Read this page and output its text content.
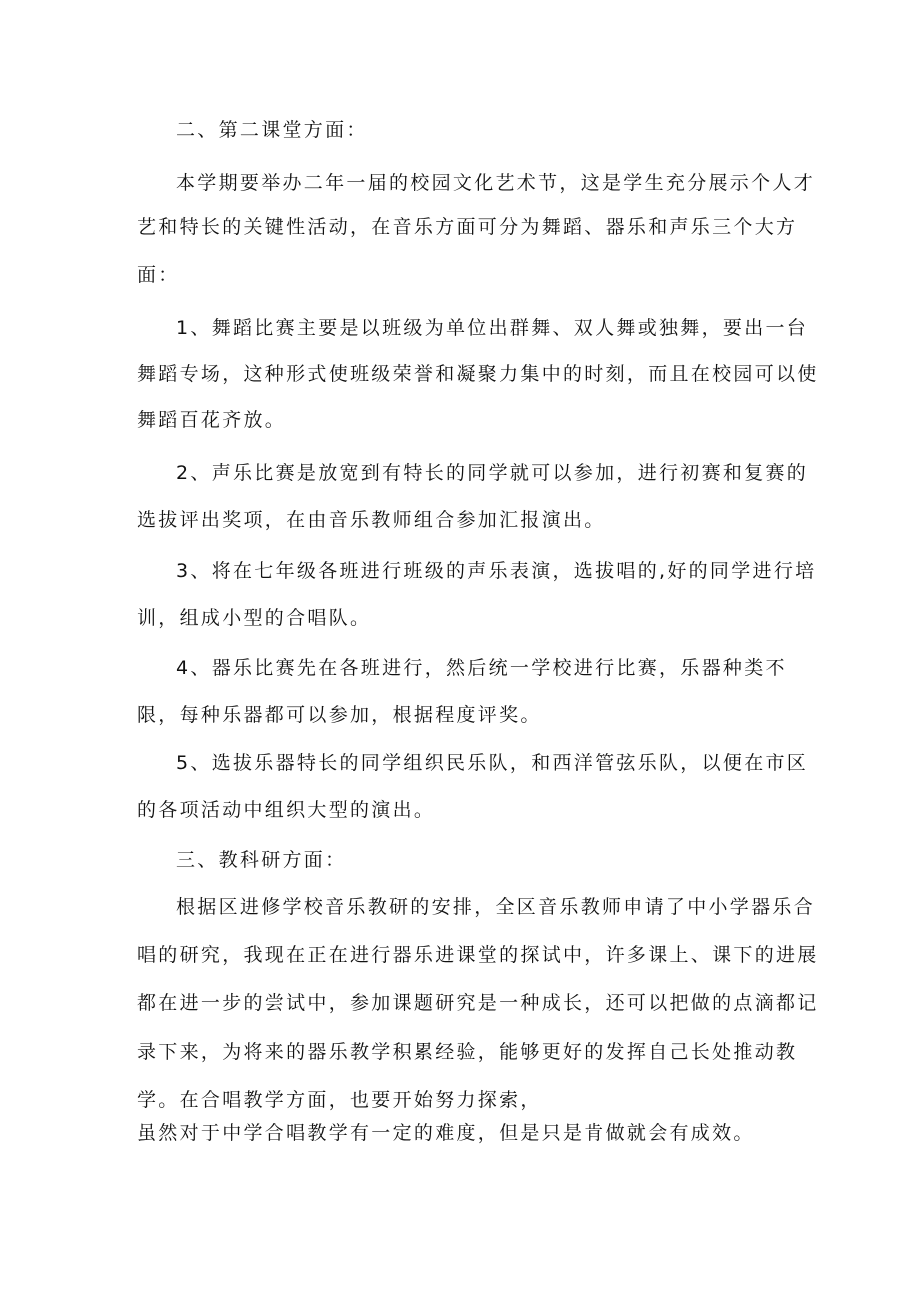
二、第二课堂方面：
本学期要举办二年一届的校园文化艺术节，这是学生充分展示个人才
艺和特长的关键性活动，在音乐方面可分为舞蹈、器乐和声乐三个大方
面：
1、舞蹈比赛主要是以班级为单位出群舞、双人舞或独舞，要出一台
舞蹈专场，这种形式使班级荣誉和凝聚力集中的时刻，而且在校园可以使
舞蹈百花齐放。
2、声乐比赛是放宽到有特长的同学就可以参加，进行初赛和复赛的
选拔评出奖项，在由音乐教师组合参加汇报演出。
3、将在七年级各班进行班级的声乐表演，选拔唱的,好的同学进行培
训，组成小型的合唱队。
4、器乐比赛先在各班进行，然后统一学校进行比赛，乐器种类不
限，每种乐器都可以参加，根据程度评奖。
5、选拔乐器特长的同学组织民乐队，和西洋管弦乐队，以便在市区
的各项活动中组织大型的演出。
三、教科研方面：
根据区进修学校音乐教研的安排，全区音乐教师申请了中小学器乐合
唱的研究，我现在正在进行器乐进课堂的探试中，许多课上、课下的进展
都在进一步的尝试中，参加课题研究是一种成长，还可以把做的点滴都记
录下来，为将来的器乐教学积累经验，能够更好的发挥自己长处推动教
学。在合唱教学方面，也要开始努力探索，
虽然对于中学合唱教学有一定的难度，但是只是肯做就会有成效。
